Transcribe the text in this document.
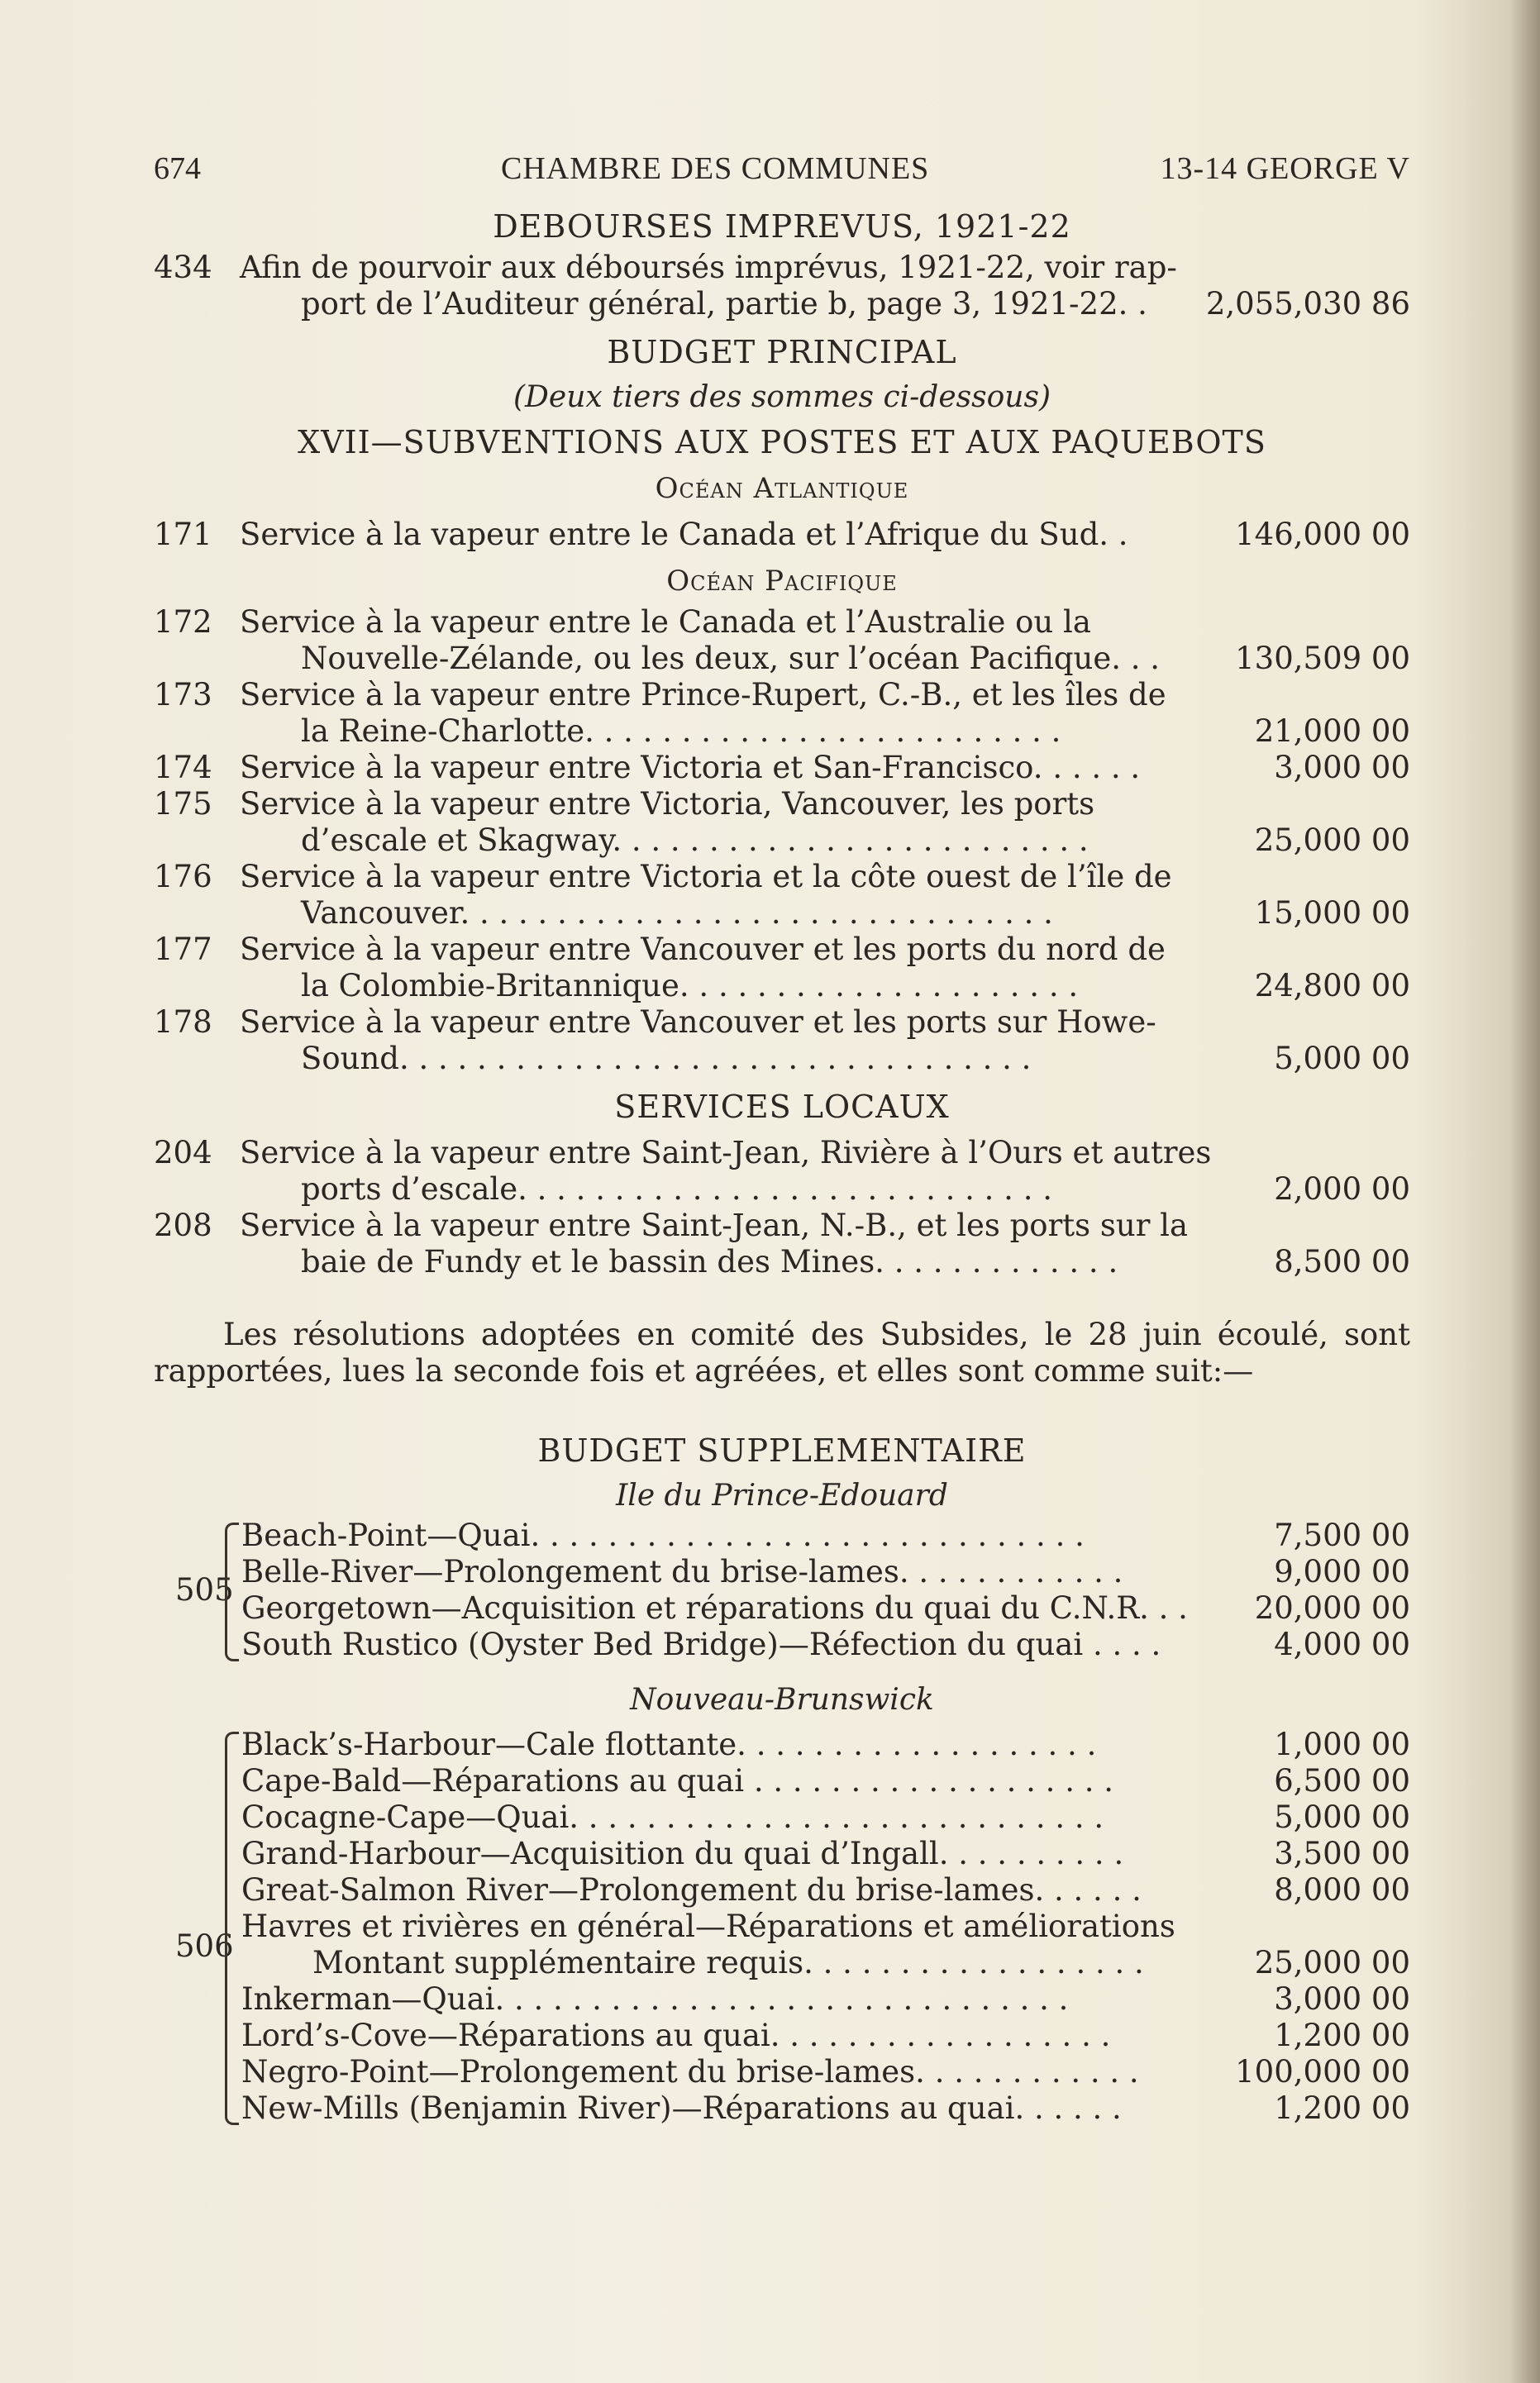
674	CHAMBRE DES COMMUNES	13-14 GEORGE V
DEBOURSES IMPREVUS, 1921-22
434 Afin de pourvoir aux déboursés imprévus, 1921-22, voir rap-
port de l’Auditeur général, partie b, page 3, 1921-22. .	2,055,030 86
BUDGET PRINCIPAL
(Deux tiers des sommes ci-dessous)
XVII—SUBVENTIONS AUX POSTES ET AUX PAQUEBOTS
Océan Atlantique
171 Service à la vapeur entre le Canada et l’Afrique du Sud. .	146,000 00
Océan Pacifique
172 Service à la vapeur entre le Canada et l’Australie ou la
Nouvelle-Zélande, ou les deux, sur l’océan Pacifique. . .	130,509 00
173 Service à la vapeur entre Prince-Rupert, C.-B., et les îles de
la Reine-Charlotte. . . . . . . . . . . . . . . . . . . . . . . . .	21,000 00
174 Service à la vapeur entre Victoria et San-Francisco. . . . . .	3,000 00
175 Service à la vapeur entre Victoria, Vancouver, les ports
d’escale et Skagway. . . . . . . . . . . . . . . . . . . . . . . . .	25,000 00
176 Service à la vapeur entre Victoria et la côte ouest de l’île de
Vancouver. . . . . . . . . . . . . . . . . . . . . . . . . . . . . . .	15,000 00
177 Service à la vapeur entre Vancouver et les ports du nord de
la Colombie-Britannique. . . . . . . . . . . . . . . . . . . . .	24,800 00
178 Service à la vapeur entre Vancouver et les ports sur Howe-
Sound. . . . . . . . . . . . . . . . . . . . . . . . . . . . . . . . .	5,000 00
SERVICES LOCAUX
204 Service à la vapeur entre Saint-Jean, Rivière à l’Ours et autres
ports d’escale. . . . . . . . . . . . . . . . . . . . . . . . . . . .	2,000 00
208 Service à la vapeur entre Saint-Jean, N.-B., et les ports sur la
baie de Fundy et le bassin des Mines. . . . . . . . . . . . .	8,500 00
Les résolutions adoptées en comité des Subsides, le 28 juin écoulé, sont rapportées, lues la seconde fois et agréées, et elles sont comme suit:—
BUDGET SUPPLEMENTAIRE
Ile du Prince-Edouard
505
Beach-Point—Quai. . . . . . . . . . . . . . . . . . . . . . . . . . . . .	7,500 00
Belle-River—Prolongement du brise-lames. . . . . . . . . . . .	9,000 00
Georgetown—Acquisition et réparations du quai du C.N.R. . .	20,000 00
South Rustico (Oyster Bed Bridge)—Réfection du quai . . . .	4,000 00
Nouveau-Brunswick
506
Black’s-Harbour—Cale flottante. . . . . . . . . . . . . . . . . . .	1,000 00
Cape-Bald—Réparations au quai . . . . . . . . . . . . . . . . . . .	6,500 00
Cocagne-Cape—Quai. . . . . . . . . . . . . . . . . . . . . . . . . . . .	5,000 00
Grand-Harbour—Acquisition du quai d’Ingall. . . . . . . . . .	3,500 00
Great-Salmon River—Prolongement du brise-lames. . . . . .	8,000 00
Havres et rivières en général—Réparations et améliorations
Montant supplémentaire requis. . . . . . . . . . . . . . . . . .	25,000 00
Inkerman—Quai. . . . . . . . . . . . . . . . . . . . . . . . . . . . . .	3,000 00
Lord’s-Cove—Réparations au quai. . . . . . . . . . . . . . . . . .	1,200 00
Negro-Point—Prolongement du brise-lames. . . . . . . . . . . .	100,000 00
New-Mills (Benjamin River)—Réparations au quai. . . . . .	1,200 00
